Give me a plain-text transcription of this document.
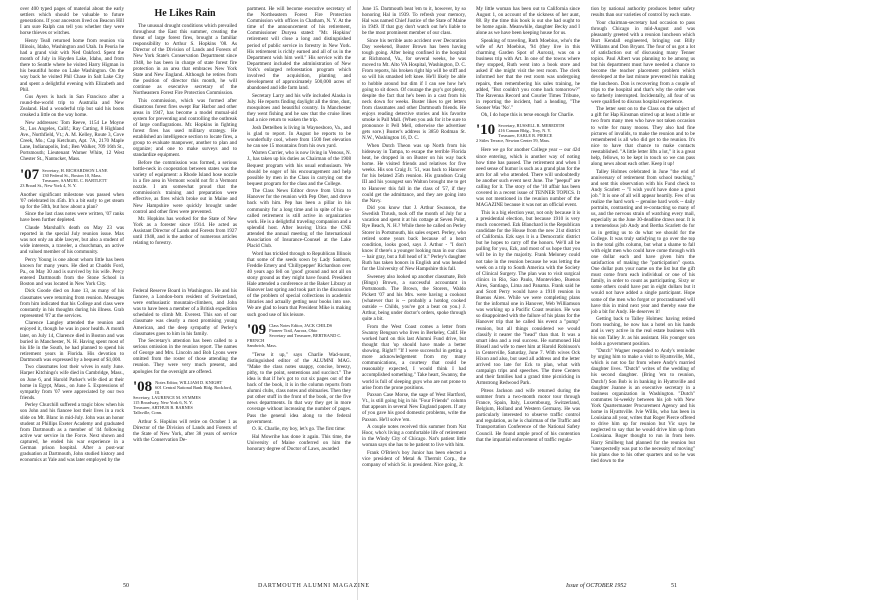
over 400 typed pages of material about the early settlers which should be valuable to future generations. If your ancestors lived on Beacon Hill I am sure Ralph can tell you whether they were horse thieves or witches.

Henry Teall returned home from reunion via Illinois, Idaho, Washington and Utah. In Peoria he had a grand visit with Ned Oakford. Spent the month of July in Hayden Lake, Idaho, and from there to Seattle where he visited Harry Higman in his beautiful home on Lake Washington. On the way back he visited Phil Chase in Salt Lake City and spent a delightful evening with Elizabeth and Phil.

Gus Ayers is back in San Francisco after a round-the-world trip to Australia and New Zealand. Had a wonderful trip but said his boots creaked a little on the way home.

New addresses: Tom Reeve, 1154 Le Moyne St., Los Angeles, Calif.; Ray Catting, 8 Highland Ave., Northfield, Vt.; A. M. Kelley, Route 3, Cove Creek, Mo.; Cap Ketchum, Apt. 7A, 2170 Maple Lane, Indianapolis, Ind.; Ben Walker, 709 16th St., Portsmouth; Lieutenant Warner White, 12 West Chester St., Nantucket, Mass.

'07 Secretary, H. RICHARDSON LANE
130 Federal St., Boston 10, Mass.
Treasurer, SAMUEL C. BARTLETT
23 Broad St., New York 4, N. Y.

Another significant milestone was passed when '07 celebrated its 45th. It's a bit early to get steam up for the 50th, but how about a plan?

Since the last class notes were written, '07 ranks have been further depleted.

Claude Marshall's death on May 23 was reported in the special July reunion issue. Max was not only an able lawyer, but also a student of wide interests, a traveler, a churchman, an active and valued member of his community.

Percy Young is one about whom little has been known for many years. He died at Chadds Ford, Pa., on May 30 and is survived by his wife. Percy entered Dartmouth from the Stone School in Boston and was located in New York City.

Dick Goode died on June 13, as many of his classmates were returning from reunion. Messages from him indicated that his College and class were constantly in his thoughts during his illness. Grab represented '07 at the services.

Clarence Langley attended the reunion and enjoyed it, though he was in poor health. A month later, on July 14, Clarence died in Boston and was buried in Manchester, N. H. Having spent most of his life in the South, he had planned to spend his retirement years in Florida. His devotion to Dartmouth was expressed by a bequest of $1,000.

Two classmates lost their wives in early June. Harper Kitchings's wife died in Cambridge, Mass., on June 6, and Harold Parker's wife died at their home in Egypt, Mass., on June 5. Expressions of sympathy from '07 were appreciated by our two friends.

Perley Churchill suffered a tragic blow when his son John and his fiancee lost their lives in a rock slide on Mt. Blanc in mid-July. John was an honor student at Phillips Exeter Academy and graduated from Dartmouth as a member of '44 following active war service in the Force. Next shown and captured, he ended his war experience in a German prison hospital. After a post-war graduation at Dartmouth, John studied history and economics at Yale and was later employed by the

He Likes Rain

The unusual drought conditions which prevailed throughout the East this summer, creating the threat of large forest fires, brought a familiar responsibility to Arthur S. Hopkins '08. As Director of the Division of Lands and Forests of New York State's Conservation Department since 1948, he has been in charge of state forest fire protection in an area that embraces New York State and New England. Although he retires from the position of director this month, he will continue as executive secretary of the Northeastern Forest Fire Protection Commission.

This commission, which was formed after disastrous forest fires swept Bar Harbor and other areas in 1947, has become a model mutual-aid system for preventing and controlling the outbreak of large conflagrations. Mr. Hopkins in fighting forest fires has used military strategy. He established an intelligence section to locate fires, a group to evaluate manpower, another to plan and organize; and one to make surveys and to standardize equipment.

Before the commission was formed, a serious bottle-neck in cooperation between states was the variety of equipment: a Rhode Island hose nozzle in a fire area in Vermont would not fit a Vermont nozzle. I am somewhat proud that the commission's training and preparation were effective, as fires which broke out in Maine and New Hampshire were quickly brought under control and other fires were prevented.

Mr. Hopkins has worked for the State of New York as a forester since 1914. He acted as Assistant Director of Lands and Forests from 1927 until 1948, and is the author of numerous articles relating to forestry.

Federal Reserve Board in Washington. He and his fiancee, a London-born resident of Switzerland, were enthusiastic mountain-climbers, and John was to have been a member of a British expedition scheduled to climb Mt. Everest. This son of our classmate was clearly a most promising young American, and the deep sympathy of Perley's classmates goes to him in his family.

The Secretary's attention has been called to a serious omission in the reunion report. The names of George and Mrs. Lincoln and Bob Lyons were omitted from the roster of those attending the reunion. They were very much present, and apologies for the oversight are offered.

'08 Notes Editor, WILLIAM D. KNIGHT
601 Central National Bank Bldg. Rockford, Ill.
Secretary, LAURENCE M. SYMMES
115 Broadway, New York 6, N. Y.
Treasurer, ARTHUR B. BARNES
Tallsville, Conn.

Arthur S. Hopkins will retire on October 1 as Director of the Division of Lands and Forests of the State of New York, after 38 years of service with the Conservation De-

partment. He will become executive secretary of the Northeastern Forest Fire Protection Commission with offices in Chatham, N. Y. At the time of the announcement of his retirement, Commissioner Duryea stated: "Mr. Hopkins' retirement will close a long and distinguished period of public service in forestry in New York. His retirement is richly earned and all of us in the Department wish him well." His service with the Department included the administration of New York's enlarged reforestation program which involved the acquisition, planting and development of approximately 500,000 acres of abandoned and idle farm land.

Secretary Larry and his wife included Alaska in July. He reports finding daylight all the time, dust, mosquitoes and beautiful country. In Manchester they went fishing and he saw that the cruise lines had a nice return to waken the trip.

Josh Dettelben is living in Waynesboro, Va., and is glad to report. In August he reports to be wonderfully cool, where from 1500 feet elevation he can see 15 mountains from his own yard.

Warren Currier, who is now living in Venous, N. J., has taken up his duties as Chairman of the 1908 Bequest program with his usual enthusiasm. We should be eager of his encouragement and help possible by men in the Class in carrying out the bequest program for the class and the College.

The Class News Editor drove from Utica to Hanover for the reunion with Pep Ober, and drove back with him. Pep has been a pillar in his community for a long time and in spite of his so-called retirement is still active in organization work. He is a delightful traveling companion and a splendid host. After leaving Utica the CNE attended the annual meeting of the International Association of Insurance-Counsel at the Lake Placid Club.

Word has trickled through to Republican Illinois that some of the seeds sown by Lady Sanborn, Freddie Emery and 'Chillypepper' Richardson over 40 years ago fell on 'good' ground and not all on stony ground as they might have found. President Hale attended a conference at the Baker Library at Hanover last spring and took part in the discussion of the problem of special collections in academic libraries and actually getting near books into use. We are glad to learn that President Mike is making such good use of his leisure.

'09 Class Notes Editor, JACK CHILDS
Pioneer Trail, Aurora, Ohio
Secretary and Treasurer, BERTRAND C. FRENCH
Sandwich, Mass.

"Terse it up," says Charlie Wad-nurst, distinguished editor of the ALUMNI MAG. "Make the class notes snappy, concise, breezy, pithy, to the point, sententious and succinct." The idea is that if he's got to cut six pages out of the back of the book, it is in the column reports from alumni clubs, class notes and obituaries. Then they put other stuff in the front of the book, or the five news departments. In that way they get in more coverage without increasing the number of pages. Pass the general idea along to the federal government.

O. K. Charlie, my boy, let's go. The first time:

Hal Mowrihe has done it again. This time, the University of Maine conferred on him the honorary degree of Doctor of Laws, awarded

June 15. Dartmouth beat 'em to it, however, by so honoring Hal in 1939. To refresh your memory, Hal was named Chief Justice of the State of Maine in 1949. If that guy don't watch out he's liable to be the most prominent member of our class.

Since his terrible auto accident over Decoration Day weekend, Buster Brown has been having tough going. After being confined in the hospital at Richmond, Va., for several weeks, he was moved to Mt. Alto VA Hospital, Washington, D. C. From reports, his broken right hip will be stiff and so will his smashed left knee. He'll likely be able to hobble around but dim if I can see how he's going to sit down. Of courage the guy's got plenty, despite the fact that he's been in a cast from his neck down for weeks. Buster likes to get letters from classmates and other Dartmouth friends. He enjoys reading detective stories and his favorite smoke is Pall Mall. (When you ask for it be sure to pronounce it Pell Mell, otherwise the advertiser gets sore.) Buster's address is 3850 Rodman St. N.W., Washington 16, D. C.

When Dutch Theon was up North from his hideaway in Tampa, to escape the terrible Florida heat, he dropped in on Buster on his way back home. He visited friends and relatives for five weeks. His son Craig Jr. '51, was back to Hanover for his belated 25th reunion. His grandson Craig III and his youngest son Walton brought me to get to Hanover this fall in the class of '57, if they could get the admittance, and they are going into the Navy.

Did you know that J. Arthur Swanson, the Swedish Thrush, took off the month of July for a vacation and spent it at his cottage at Seven Point, Rye Beach, N. H.? While there he called on Perley Storer in Portsmouth, his sales expert. Perley, who retired some years back because of a heart condition, looks good, says J. Arthur - "I don't know if there's a younger looking man in our class -- hair gray, but a full head of it." Perley's daughter Ruth has taken honors in English and was headed for the University of New Hampshire this fall.

Sweeney also looked up another classmate, Bob (Bingo) Brown, a successful accountant in Portsmouth. The Brown, the Storers, Waldo Pickett '07 and his Mrs. were having a cookout (whatever that is -- probably a hotdog cooked outside -- Childs, you've got a beat on you.) J. Arthur, being under doctor's orders, spoke through quite a bit.

From the West Coast comes a letter from Swanny Bengson who lives in Berkeley, Calif. He worked hard on this last Alumni Fund drive, but thought that 'op should have made a better showing. Right!! "If I were successful in getting a more acknowledgement from my many communications, a courtesy that could be reasonably expected, I would think I had accomplished something." Take heart, Swanny, the world is full of sleeping guys who are not prone to arise from the prone positions.

Paxson Case Morse, the sage of West Hartford, Vt., is still going big in his "Four Friends" column that appears in several New England papers. If any of you gave his good domestic problems, write the Paxson. He'll solve 'em.

A couple notes received this summer from Nat Hoor, who's living a comfortable life of retirement in the Windy City of Chicago. Nat's patient little woman says she has to be patient to live with him.

Frank O'Brien's boy Junior has been elected a vice president of Metal & Thermit Corp., the company of which Sr. is president. Nice going, Jr.

My little woman has been out to California since August 1, on account of the sickness of her aunt, 88. By the time this book is out she had ought to be home again. Meanwhile, daughter Becky and I alone as we have been keeping house for us.

Speaking of traveling, Ruth Moebius, who's the wife of Art Moebius, '94 (they live in this charming Garden Spot of Aurora), was on a business trip with Art. In one of the towns where they stopped, Ruth went into a book store and asked if she might visit the rest room. The clerk informed her that the rest room was undergoing repairs, then remembering his sales training, he added, "But couldn't you come back tomorrow?" The Ravenna Record and Courier Times Tribune, in reporting the incident, had a heading, "The Sooner Was 'No'."

Oh, I do hope this is terse enough for Charlie.

'10 Secretary, RUSSELL R. MEREDITH
416 Canaan Bldg., Troy, N. Y.
Treasurer, EARLE R. PIERCE
2 Stiles Terrace, Newton Center 59, Mass.

Here we go for another College year -- our 42d since entering, which is another way of noting how time has passed. The retirement and when I need sense of humor is such as a grand plan for the arm for all who attended. There will undoubtedly be another such event next June. The "peepul" are calling for it. The story of the '10 affair has been covered in a recent issue of TENNER TOPICS. It was not mentioned in the reunion number of the MAGAZINE because it was not an official event.

This is a big election year, not only because it is a presidential election, but because 1910 is very much concerned. Ezk Blanchard is the Republican candidate for the House from the new 21st district of California. Ezk says it is a Democratic district but he hopes to carry off the honors. We'll all be pulling for you, Ezk, and most of us hope that you will be in by the majority. Frank Meloney could not take in the reunion because he was letting the week on a trip to South America with the Society of Clinical Surgery. The plan was to visit surgical clinics in Rio, Sao Paulo, Montevideo, Buenos Aires, Santiago, Lima and Panama. Frank said he and Scott Perry would have a 1910 reunion in Buenos Aires. While we were completing plans for the informal one in Hanover, Web Williamson was working up a Pacific Coast reunion. He was so disappointed with the failure of his plans for the Hanover trip that he called his event a "pump" reunion, but all things considered we would classify it nearer the "head" than that. It was a smart idea and a real success. He summoned Hal Bissell and wife to meet him at Harold Robinson's in Centerville, Saturday, June 7. With wives Ock Hixon and also, but used all address and the letter arrived too late for Eck to plan, what with campaign trips and speeches. The three Centers and their families had a grand time picnicking in Armstrong Redwood Park.

Piteos Jackson and wife returned during the summer from a two-month motor tour through France, Spain, Italy, Luxembourg, Switzerland, Belgium, Holland and Western Germany. He was particularly interested to observe traffic control and regulation, as he is chairman of the Traffic and Transportation Conference of the National Safety Council. He found ample proof of his contention that the impartial enforcement of traffic regula-

tion by national authority produces better safety results than our varieties of control by each state.

Your chairman-secretary had occasion to pass through Chicago in mid-August and was pleasantly greeted with a reunion luncheon which Burt Kendall engineered, bringing out Billy Williams and Don Bryant. The four of us got a lot of satisfaction out of discussing many Tenner topics. Paul Albert was planning to be among us but his department must have needed a chance to become the teacher placement problem which developed at the last minute prevented his making the luncheon. Don is recovering from a couple of trips to the hospital and that's why the order was so fatherly interrupted. Incidentally, all four of us were qualified to discuss hospital experience.

The letter sent on to the Class on the subject of a gift for Hap Kinsman stirred up at least a little or two from many men who have not taken occasion to write for many moons. They also had fine pictures of invalids, to make the reunion and to be remembered is all who did get to the reunion. It's nice to have that chance to make contacts reestablished. "A little letter lifts a lot," it is a great help, fellows, to be kept in touch so we can pass along news about each other. Keep it up!

Talley Holmes celebrated in June "the end of anniversary of retirement from school teaching," and sent this observation with his Fund check to Andy Scarlett -- "I wish you'd have done a great job." It is one of all will appear heartily. Few of us realize the hard work -- genuine hard work -- daily portraits, contrasting and re-contacting so many of us, and the nervous strain of watching every mail, especially as the June 30-deadline draws near. It is a tremendous job Andy and Bertha Scarlett do for us in getting us to do what we should for the College. It was truly satisfying to go over the top in the total gifts column, but what a shame to fall with eight men who could have come through with one dollar each and have given him the satisfaction of making the "participation" quota. One dollar puts your name on the list but the gift must come from each individual or one of his family, in order to count as participating. Sixty or some others could have put in eight dollars but it would not have added a single participant. Hope some of the men who forgot or procrastinated will have this in mind next year and thereby ease the job a bit for Andy. He deserves it!

Getting back to Talley Holmes: having retired from teaching, he now has a hotel on his hands and is very active in the real estate business with his son Talley Jr. as his assistant. His younger son holds a government position.

"Dutch" Wagner responded to Andy's reminder by urging him to make a visit to Hyattsville, Md., which is not too far from where Andy's married daughter lives. "Dutch" writes of the wedding of his second daughter. (Bring 'em to reunion, Dutch!) Son Bob is in banking in Hyattsville and daughter Joanne is an executive secretary in a business organization in Washington. "Dutch" commutes bi-weekly between his job with New York Quartermaster Procurement Agency and his home in Hyattsville. Ivie Willis, who has been in Louisiana all year, writes that Roger Pierce offered to drive him up for reunion but Vic says he neglected to say that he would drive him up from Louisiana. Roger thought to run in from here. Harry Smilberg had planned for the reunion but "unexpectedly was put to the necessity of moving" his plans due to his other quarters and so he was tied down to the

50	DARTMOUTH ALUMNI MAGAZINE	Issue of OCTOBER 1952	51
